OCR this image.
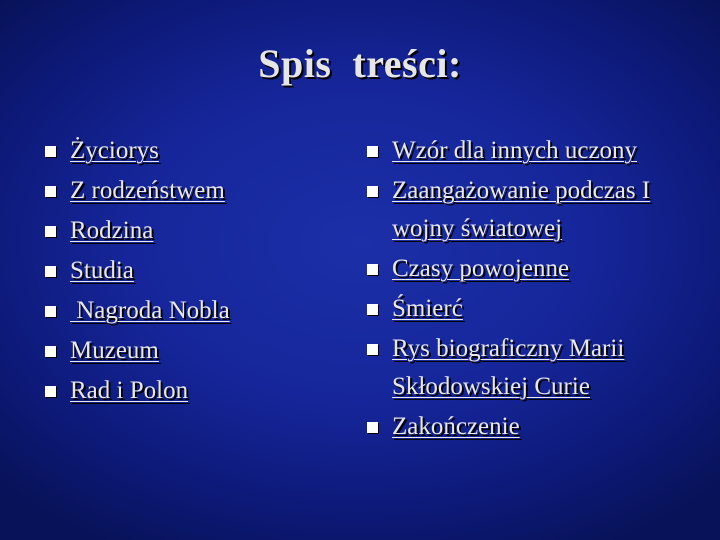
Spis  treści:
Życiorys
Z rodzeństwem
Rodzina
Studia
Nagroda Nobla
Muzeum
Rad i Polon
Wzór dla innych uczony
Zaangażowanie podczas I wojny światowej
Czasy powojenne
Śmierć
Rys biograficzny Marii Skłodowskiej Curie
Zakończenie
